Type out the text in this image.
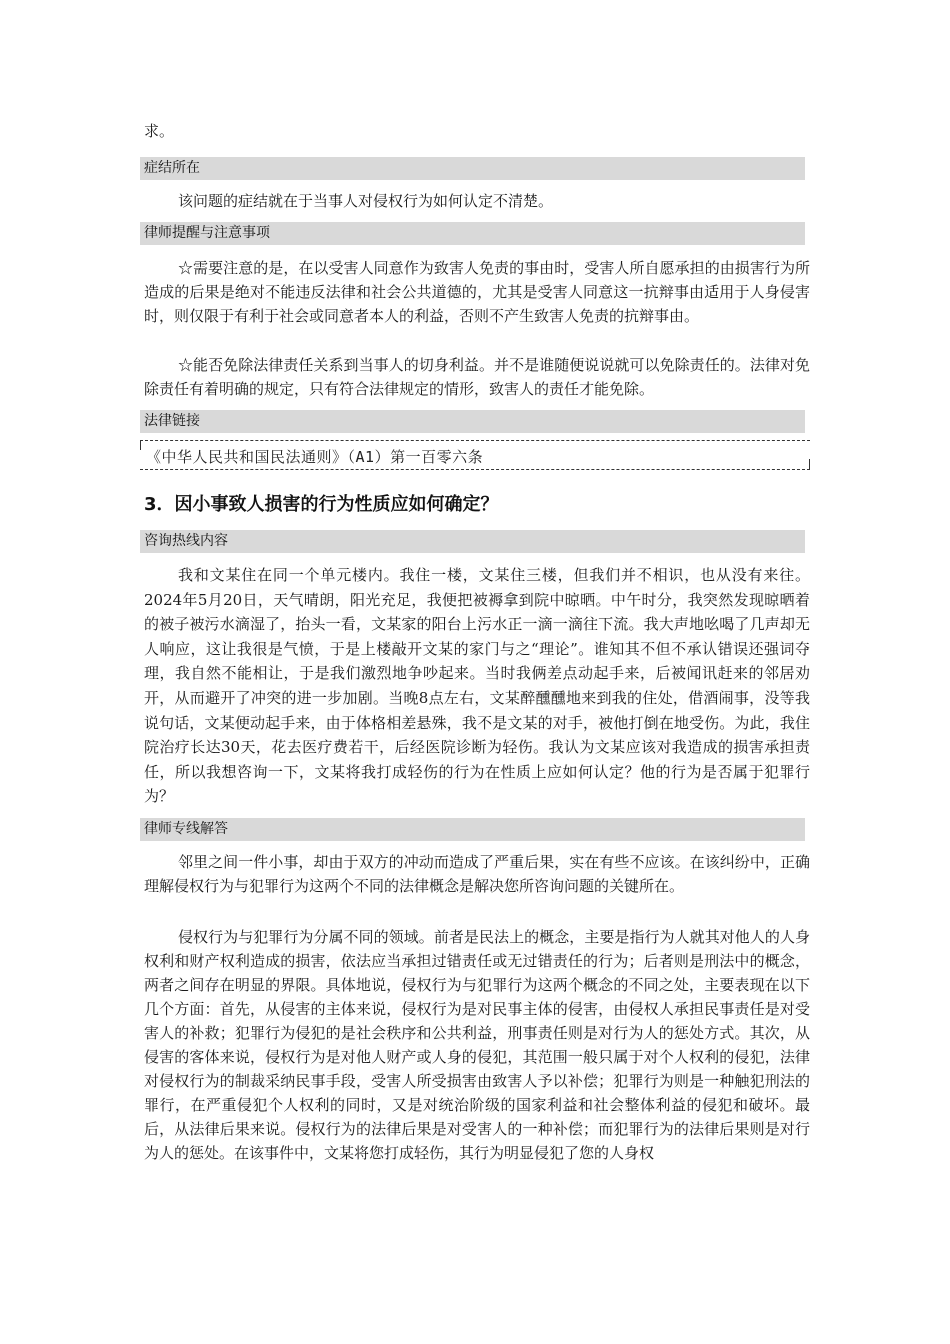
求。
症结所在

该问题的症结就在于当事人对侵权行为如何认定不清楚。

律师提醒与注意事项

☆需要注意的是，在以受害人同意作为致害人免责的事由时，受害人所自愿承担的由损害行为所造成的后果是绝对不能违反法律和社会公共道德的，尤其是受害人同意这一抗辩事由适用于人身侵害时，则仅限于有利于社会或同意者本人的利益，否则不产生致害人免责的抗辩事由。

☆能否免除法律责任关系到当事人的切身利益。并不是谁随便说说就可以免除责任的。法律对免除责任有着明确的规定，只有符合法律规定的情形，致害人的责任才能免除。

法律链接
《中华人民共和国民法通则》（A1）第一百零六条
3．因小事致人损害的行为性质应如何确定？
咨询热线内容

我和文某住在同一个单元楼内。我住一楼，文某住三楼，但我们并不相识，也从没有来往。2024年5月20日，天气晴朗，阳光充足，我便把被褥拿到院中晾晒。中午时分，我突然发现晾晒着的被子被污水滴湿了，抬头一看，文某家的阳台上污水正一滴一滴往下流。我大声地吆喝了几声却无人响应，这让我很是气愤，于是上楼敲开文某的家门与之“理论”。谁知其不但不承认错误还强词夺理，我自然不能相让，于是我们激烈地争吵起来。当时我俩差点动起手来，后被闻讯赶来的邻居劝开，从而避开了冲突的进一步加剧。当晚8点左右，文某醉醺醺地来到我的住处，借酒闹事，没等我说句话，文某便动起手来，由于体格相差悬殊，我不是文某的对手，被他打倒在地受伤。为此，我住院治疗长达30天，花去医疗费若干，后经医院诊断为轻伤。我认为文某应该对我造成的损害承担责任，所以我想咨询一下，文某将我打成轻伤的行为在性质上应如何认定？他的行为是否属于犯罪行为？

律师专线解答

邻里之间一件小事，却由于双方的冲动而造成了严重后果，实在有些不应该。在该纠纷中，正确理解侵权行为与犯罪行为这两个不同的法律概念是解决您所咨询问题的关键所在。

侵权行为与犯罪行为分属不同的领域。前者是民法上的概念，主要是指行为人就其对他人的人身权利和财产权利造成的损害，依法应当承担过错责任或无过错责任的行为；后者则是刑法中的概念，两者之间存在明显的界限。具体地说，侵权行为与犯罪行为这两个概念的不同之处，主要表现在以下几个方面：首先，从侵害的主体来说，侵权行为是对民事主体的侵害，由侵权人承担民事责任是对受害人的补救；犯罪行为侵犯的是社会秩序和公共利益，刑事责任则是对行为人的惩处方式。其次，从侵害的客体来说，侵权行为是对他人财产或人身的侵犯，其范围一般只属于对个人权利的侵犯，法律对侵权行为的制裁采纳民事手段，受害人所受损害由致害人予以补偿；犯罪行为则是一种触犯刑法的罪行，在严重侵犯个人权利的同时，又是对统治阶级的国家利益和社会整体利益的侵犯和破坏。最后，从法律后果来说。侵权行为的法律后果是对受害人的一种补偿；而犯罪行为的法律后果则是对行为人的惩处。在该事件中，文某将您打成轻伤，其行为明显侵犯了您的人身权
